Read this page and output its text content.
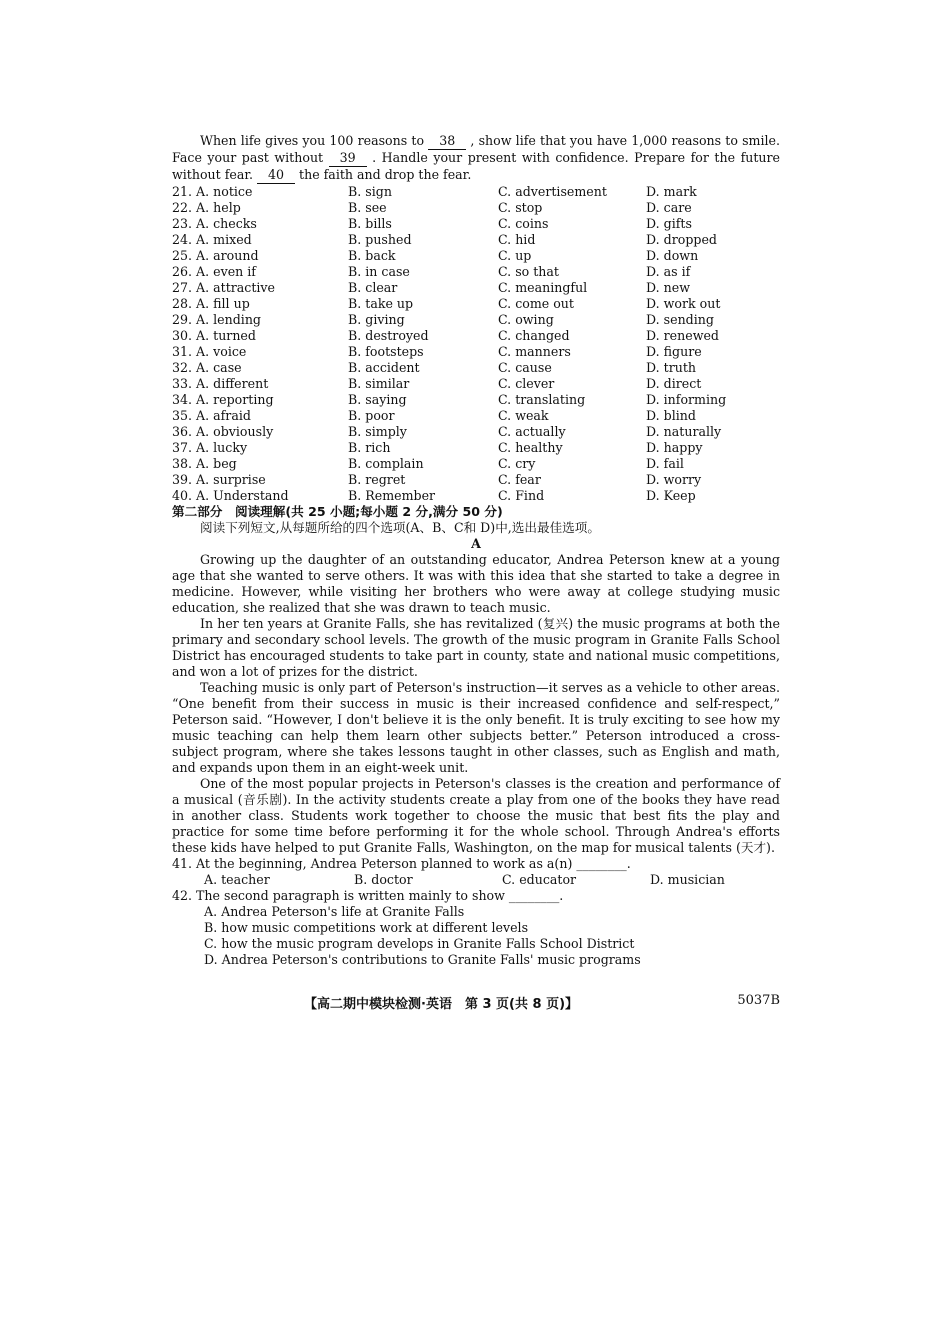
When life gives you 100 reasons to 38 , show life that you have 1,000 reasons to smile. Face your past without 39 . Handle your present with confidence. Prepare for the future without fear. 40 the faith and drop the fear.

21. A. notice	B. sign	C. advertisement	D. mark
22. A. help	B. see	C. stop	D. care
23. A. checks	B. bills	C. coins	D. gifts
24. A. mixed	B. pushed	C. hid	D. dropped
25. A. around	B. back	C. up	D. down
26. A. even if	B. in case	C. so that	D. as if
27. A. attractive	B. clear	C. meaningful	D. new
28. A. fill up	B. take up	C. come out	D. work out
29. A. lending	B. giving	C. owing	D. sending
30. A. turned	B. destroyed	C. changed	D. renewed
31. A. voice	B. footsteps	C. manners	D. figure
32. A. case	B. accident	C. cause	D. truth
33. A. different	B. similar	C. clever	D. direct
34. A. reporting	B. saying	C. translating	D. informing
35. A. afraid	B. poor	C. weak	D. blind
36. A. obviously	B. simply	C. actually	D. naturally
37. A. lucky	B. rich	C. healthy	D. happy
38. A. beg	B. complain	C. cry	D. fail
39. A. surprise	B. regret	C. fear	D. worry
40. A. Understand	B. Remember	C. Find	D. Keep

第二部分　阅读理解(共 25 小题;每小题 2 分,满分 50 分)

阅读下列短文,从每题所给的四个选项(A、B、C和 D)中,选出最佳选项。

A

Growing up the daughter of an outstanding educator, Andrea Peterson knew at a young age that she wanted to serve others. It was with this idea that she started to take a degree in medicine. However, while visiting her brothers who were away at college studying music education, she realized that she was drawn to teach music.

In her ten years at Granite Falls, she has revitalized (复兴) the music programs at both the primary and secondary school levels. The growth of the music program in Granite Falls School District has encouraged students to take part in county, state and national music competitions, and won a lot of prizes for the district.

Teaching music is only part of Peterson's instruction—it serves as a vehicle to other areas. “One benefit from their success in music is their increased confidence and self-respect,” Peterson said. “However, I don't believe it is the only benefit. It is truly exciting to see how my music teaching can help them learn other subjects better.” Peterson introduced a cross-subject program, where she takes lessons taught in other classes, such as English and math, and expands upon them in an eight-week unit.

One of the most popular projects in Peterson's classes is the creation and performance of a musical (音乐剧). In the activity students create a play from one of the books they have read in another class. Students work together to choose the music that best fits the play and practice for some time before performing it for the whole school. Through Andrea's efforts these kids have helped to put Granite Falls, Washington, on the map for musical talents (天才).

41. At the beginning, Andrea Peterson planned to work as a(n) ________.

A. teacher	B. doctor	C. educator	D. musician

42. The second paragraph is written mainly to show ________.

A. Andrea Peterson's life at Granite Falls

B. how music competitions work at different levels

C. how the music program develops in Granite Falls School District

D. Andrea Peterson's contributions to Granite Falls' music programs

【高二期中模块检测·英语　第 3 页(共 8 页)】	5037B
